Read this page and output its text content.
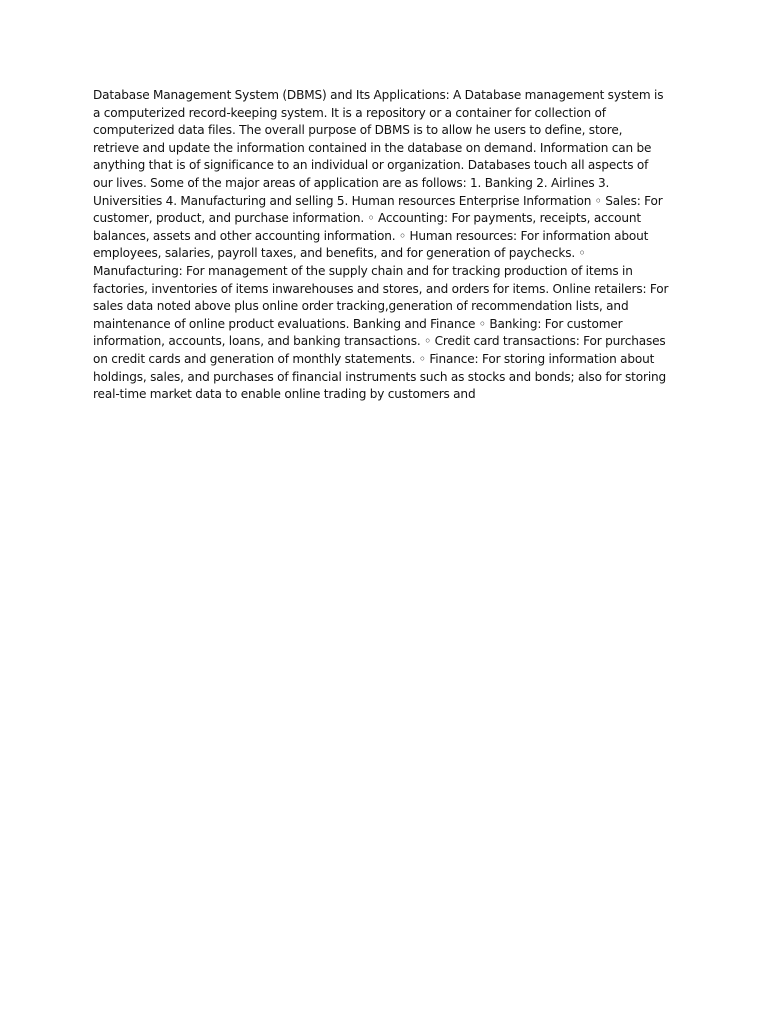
Database Management System (DBMS) and Its Applications: A Database management system is a computerized record-keeping system. It is a repository or a container for collection of computerized data files. The overall purpose of DBMS is to allow he users to define, store, retrieve and update the information contained in the database on demand. Information can be anything that is of significance to an individual or organization. Databases touch all aspects of our lives. Some of the major areas of application are as follows: 1. Banking 2. Airlines 3. Universities 4. Manufacturing and selling 5. Human resources Enterprise Information ◦ Sales: For customer, product, and purchase information. ◦ Accounting: For payments, receipts, account balances, assets and other accounting information. ◦ Human resources: For information about employees, salaries, payroll taxes, and benefits, and for generation of paychecks. ◦ Manufacturing: For management of the supply chain and for tracking production of items in factories, inventories of items inwarehouses and stores, and orders for items. Online retailers: For sales data noted above plus online order tracking,generation of recommendation lists, and maintenance of online product evaluations. Banking and Finance ◦ Banking: For customer information, accounts, loans, and banking transactions. ◦ Credit card transactions: For purchases on credit cards and generation of monthly statements. ◦ Finance: For storing information about holdings, sales, and purchases of financial instruments such as stocks and bonds; also for storing real-time market data to enable online trading by customers and
